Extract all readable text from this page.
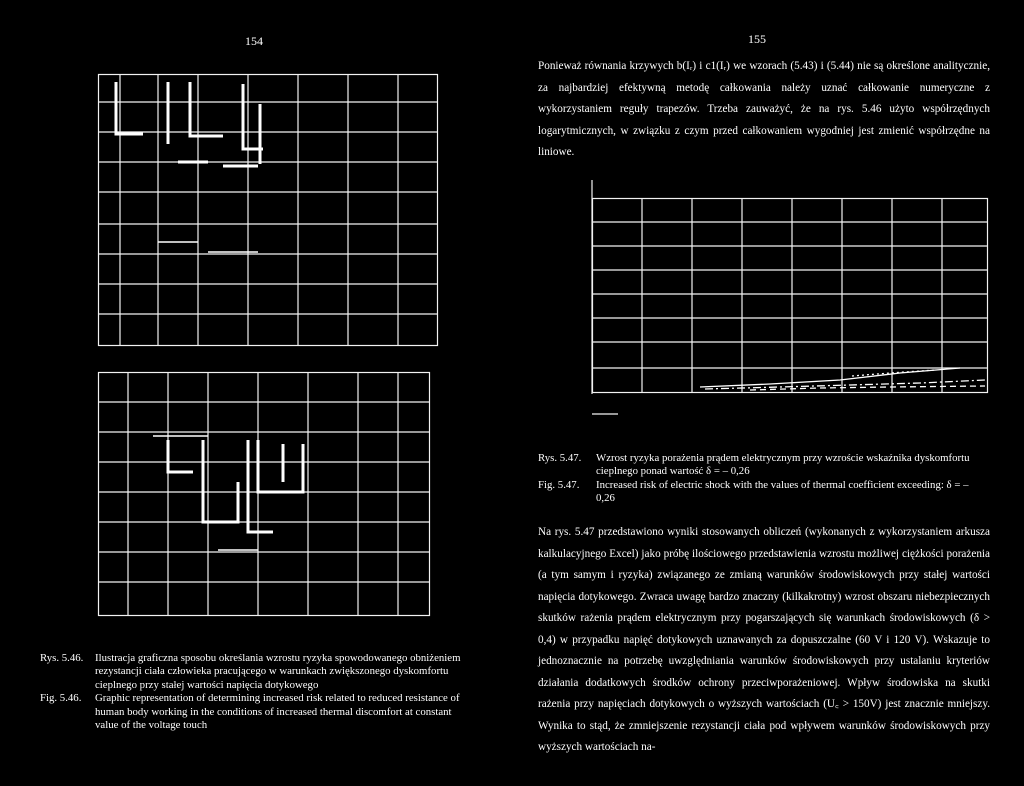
154
Rys. 5.46.	Ilustracja graficzna sposobu określania wzrostu ryzyka spowodowanego obniżeniem rezystancji ciała człowieka pracującego w warunkach zwiększonego dyskomfortu cieplnego przy stałej wartości napięcia dotykowego
Fig. 5.46.	Graphic representation of determining increased risk related to reduced resistance of human body working in the conditions of increased thermal discomfort at constant value of the voltage touch
155

Ponieważ równania krzywych b(Iᵣ) i c1(Iᵣ) we wzorach (5.43) i (5.44) nie są określone analitycznie, za najbardziej efektywną metodę całkowania należy uznać całkowanie numeryczne z wykorzystaniem reguły trapezów. Trzeba zauważyć, że na rys. 5.46 użyto współrzędnych logarytmicznych, w związku z czym przed całkowaniem wygodniej jest zmienić współrzędne na liniowe.

Rys. 5.47.	Wzrost ryzyka porażenia prądem elektrycznym przy wzroście wskaźnika dyskomfortu cieplnego ponad wartość δ = – 0,26
Fig. 5.47.	Increased risk of electric shock with the values of thermal coefficient exceeding: δ = – 0,26

Na rys. 5.47 przedstawiono wyniki stosowanych obliczeń (wykonanych z wykorzystaniem arkusza kalkulacyjnego Excel) jako próbę ilościowego przedstawienia wzrostu możliwej ciężkości porażenia (a tym samym i ryzyka) związanego ze zmianą warunków środowiskowych przy stałej wartości napięcia dotykowego. Zwraca uwagę bardzo znaczny (kilkakrotny) wzrost obszaru niebezpiecznych skutków rażenia prądem elektrycznym przy pogarszających się warunkach środowiskowych (δ > 0,4) w przypadku napięć dotykowych uznawanych za dopuszczalne (60 V i 120 V). Wskazuje to jednoznacznie na potrzebę uwzględniania warunków środowiskowych przy ustalaniu kryteriów działania dodatkowych środków ochrony przeciwporażeniowej. Wpływ środowiska na skutki rażenia przy napięciach dotykowych o wyższych wartościach (U꜀ > 150V) jest znacznie mniejszy. Wynika to stąd, że zmniejszenie rezystancji ciała pod wpływem warunków środowiskowych przy wyższych wartościach na-
